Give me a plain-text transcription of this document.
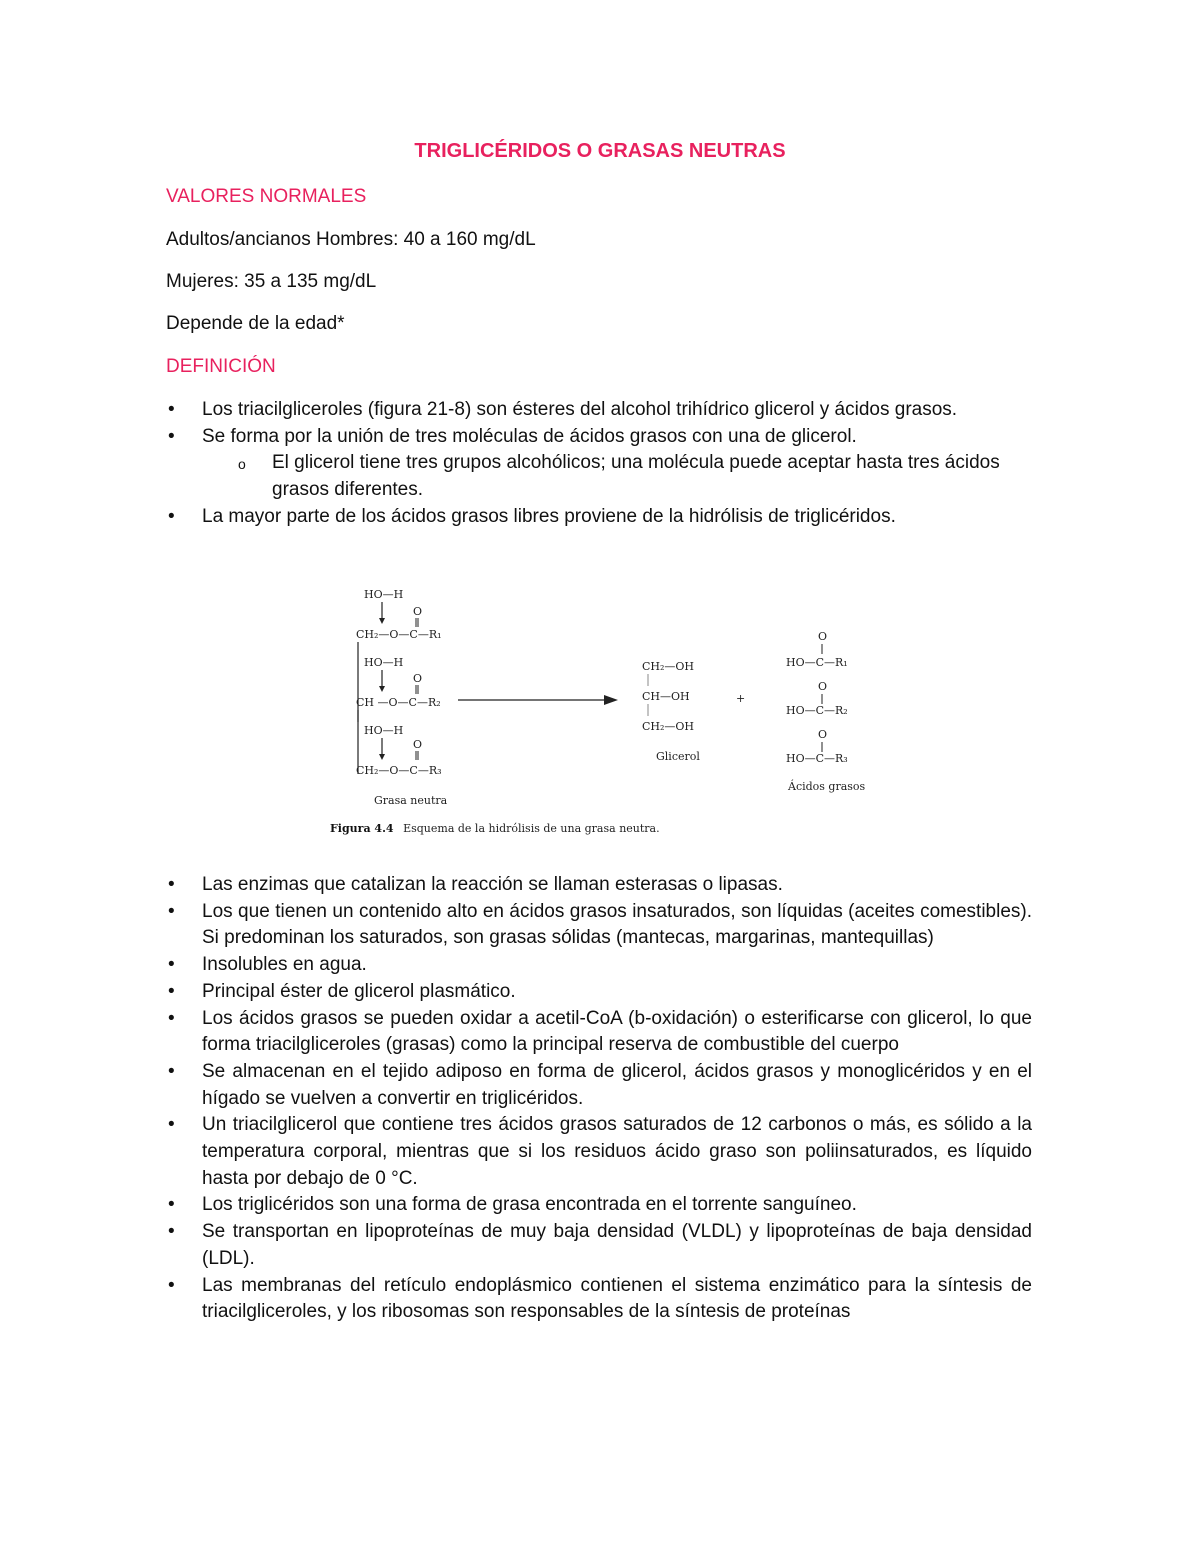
TRIGLICÉRIDOS O GRASAS NEUTRAS
VALORES NORMALES

Adultos/ancianos Hombres: 40 a 160 mg/dL

Mujeres: 35 a 135 mg/dL

Depende de la edad*

DEFINICIÓN
• Los triacilgliceroles (figura 21-8) son ésteres del alcohol trihídrico glicerol y ácidos grasos.
• Se forma por la unión de tres moléculas de ácidos grasos con una de glicerol.
o El glicerol tiene tres grupos alcohólicos; una molécula puede aceptar hasta tres ácidos grasos diferentes.
• La mayor parte de los ácidos grasos libres proviene de la hidrólisis de triglicéridos.
HO—H
O
CH₂—O—C—R₁
HO—H
O
CH —O—C—R₂
HO—H
O
CH₂—O—C—R₃
Grasa neutra
CH₂—OH
CH—OH
CH₂—OH
Glicerol
+
O
HO—C—R₁
O
HO—C—R₂
O
HO—C—R₃
Ácidos grasos
Figura 4.4 Esquema de la hidrólisis de una grasa neutra.
• Las enzimas que catalizan la reacción se llaman esterasas o lipasas.
• Los que tienen un contenido alto en ácidos grasos insaturados, son líquidas (aceites comestibles). Si predominan los saturados, son grasas sólidas (mantecas, margarinas, mantequillas)
• Insolubles en agua.
• Principal éster de glicerol plasmático.
• Los ácidos grasos se pueden oxidar a acetil-CoA (b-oxidación) o esterificarse con glicerol, lo que forma triacilgliceroles (grasas) como la principal reserva de combustible del cuerpo
• Se almacenan en el tejido adiposo en forma de glicerol, ácidos grasos y monoglicéridos y en el hígado se vuelven a convertir en triglicéridos.
• Un triacilglicerol que contiene tres ácidos grasos saturados de 12 carbonos o más, es sólido a la temperatura corporal, mientras que si los residuos ácido graso son poliinsaturados, es líquido hasta por debajo de 0 °C.
• Los triglicéridos son una forma de grasa encontrada en el torrente sanguíneo.
• Se transportan en lipoproteínas de muy baja densidad (VLDL) y lipoproteínas de baja densidad (LDL).
• Las membranas del retículo endoplásmico contienen el sistema enzimático para la síntesis de triacilgliceroles, y los ribosomas son responsables de la síntesis de proteínas
